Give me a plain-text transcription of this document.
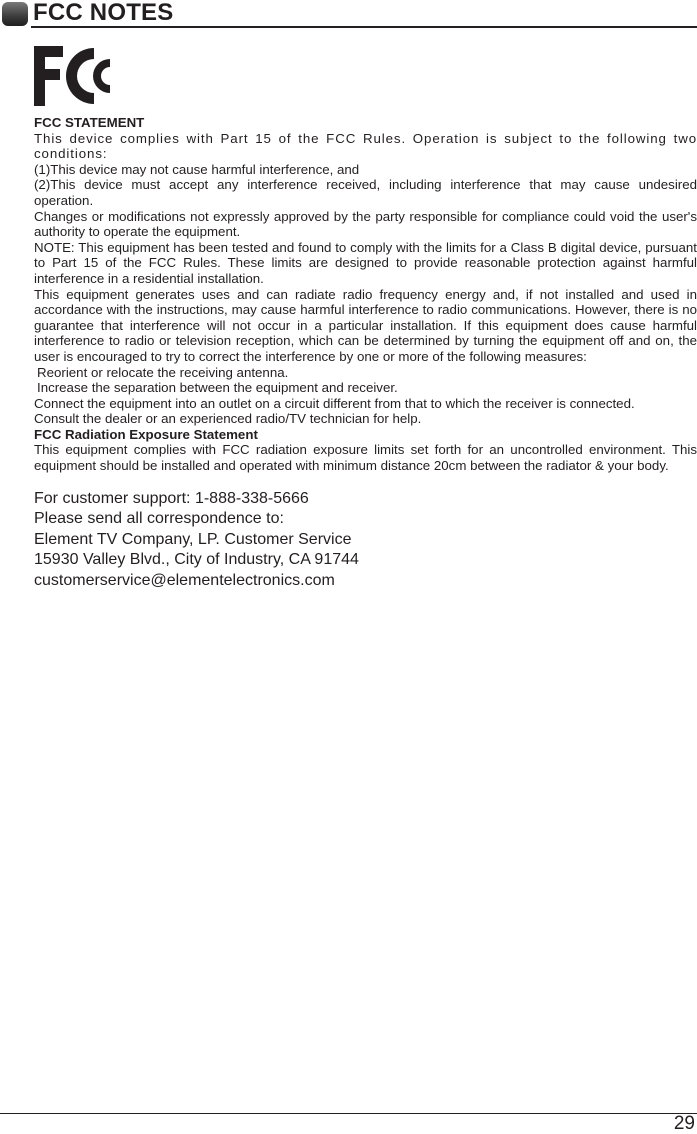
FCC NOTES

FCC STATEMENT

This device complies with Part 15 of the FCC Rules. Operation is subject to the following two conditions:

(1)This device may not cause harmful interference, and

(2)This device must accept any interference received, including interference that may cause undesired operation.

Changes or modifications not expressly approved by the party responsible for compliance could void the user's authority to operate the equipment.

NOTE: This equipment has been tested and found to comply with the limits for a Class B digital device, pursuant to Part 15 of the FCC Rules. These limits are designed to provide reasonable protection against harmful interference in a residential installation.

This equipment generates uses and can radiate radio frequency energy and, if not installed and used in accordance with the instructions, may cause harmful interference to radio communications. However, there is no guarantee that interference will not occur in a particular installation. If this equipment does cause harmful interference to radio or television reception, which can be determined by turning the equipment off and on, the user is encouraged to try to correct the interference by one or more of the following measures:

Reorient or relocate the receiving antenna.

Increase the separation between the equipment and receiver.

Connect the equipment into an outlet on a circuit different from that to which the receiver is connected.

Consult the dealer or an experienced radio/TV technician for help.

FCC Radiation Exposure Statement

This equipment complies with FCC radiation exposure limits set forth for an uncontrolled environment. This equipment should be installed and operated with minimum distance 20cm between the radiator & your body.

For customer support: 1-888-338-5666

Please send all correspondence to:

Element TV Company, LP. Customer Service

15930 Valley Blvd., City of Industry, CA 91744

customerservice@elementelectronics.com

29
